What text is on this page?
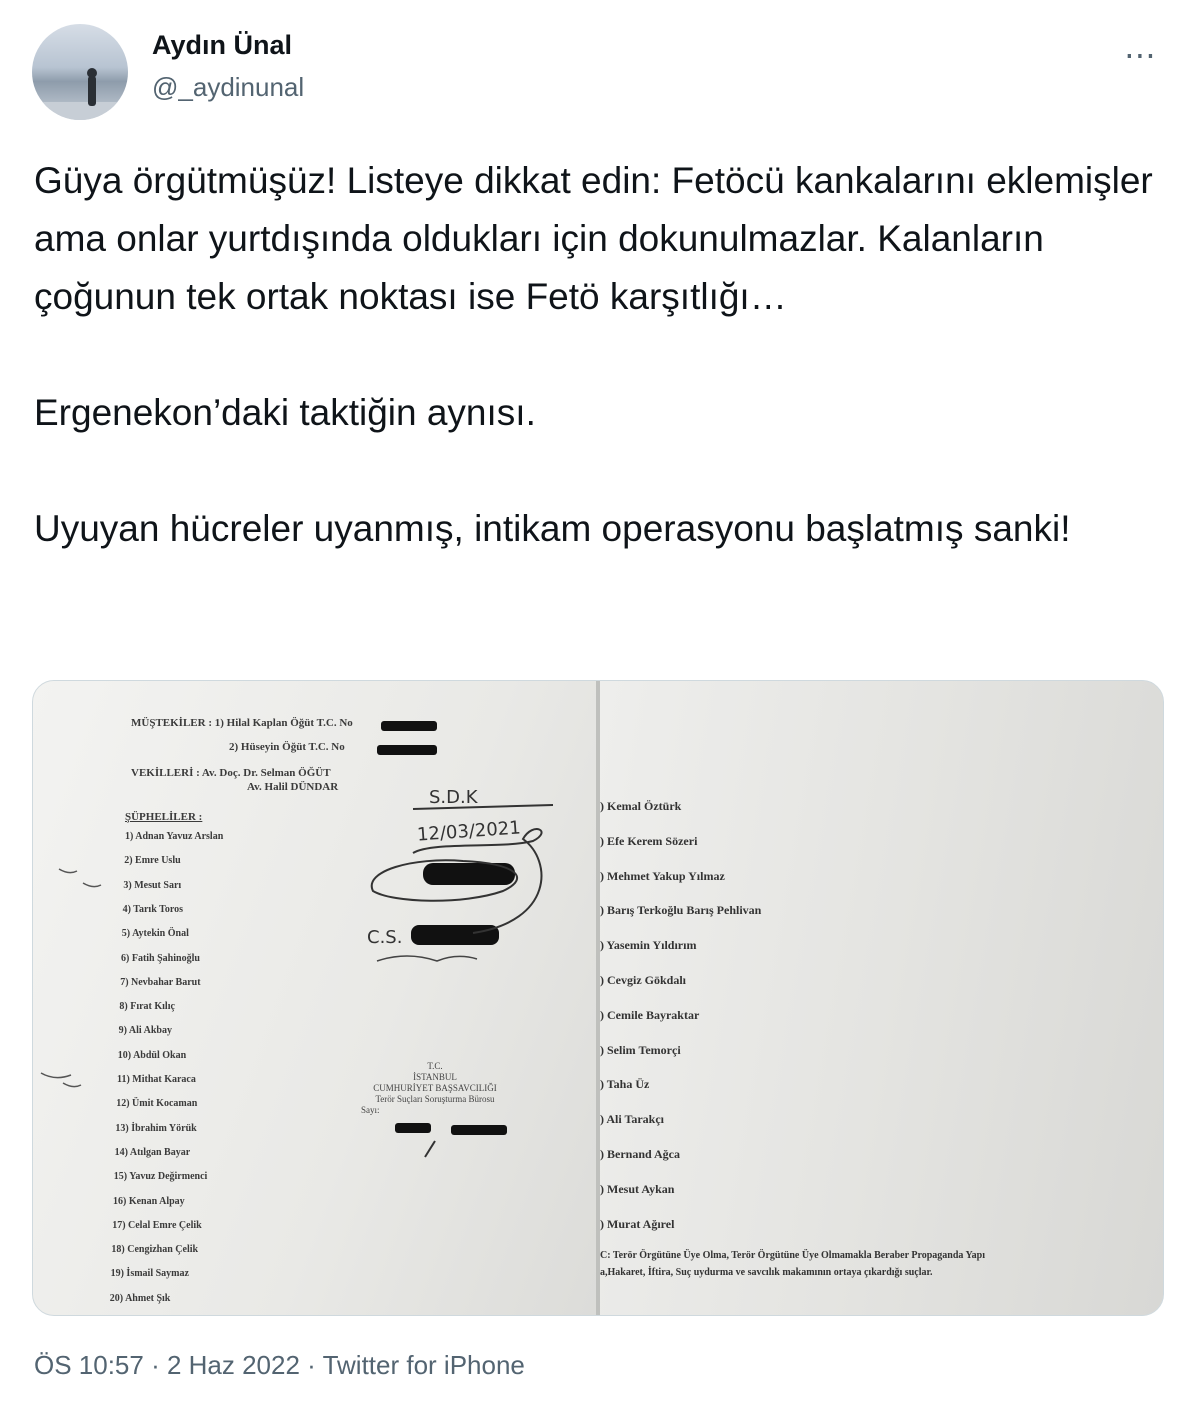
Aydın Ünal
@_aydinunal
⋯

Güya örgütmüşüz! Listeye dikkat edin: Fetöcü kankalarını eklemişler ama onlar yurtdışında oldukları için dokunulmazlar. Kalanların çoğunun tek ortak noktası ise Fetö karşıtlığı…

Ergenekon’daki taktiğin aynısı.

Uyuyan hücreler uyanmış, intikam operasyonu başlatmış sanki!

MÜŞTEKİLER : 1) Hilal Kaplan Öğüt T.C. No
2) Hüseyin Öğüt T.C. No
VEKİLLERİ : Av. Doç. Dr. Selman ÖĞÜT
Av. Halil DÜNDAR
ŞÜPHELİLER :
1) Adnan Yavuz Arslan
2) Emre Uslu
3) Mesut Sarı
4) Tarık Toros
5) Aytekin Önal
6) Fatih Şahinoğlu
7) Nevbahar Barut
8) Fırat Kılıç
9) Ali Akbay
10) Abdül Okan
11) Mithat Karaca
12) Ümit Kocaman
13) İbrahim Yörük
14) Atılgan Bayar
15) Yavuz Değirmenci
16) Kenan Alpay
17) Celal Emre Çelik
18) Cengizhan Çelik
19) İsmail Saymaz
20) Ahmet Şık
S.D.K
12/03/2021
C.S.
T.C.
İSTANBUL
CUMHURİYET BAŞSAVCILIĞI
Terör Suçları Soruşturma Bürosu
Sayı:

) Kemal Öztürk
) Efe Kerem Sözeri
) Mehmet Yakup Yılmaz
) Barış Terkoğlu Barış Pehlivan
) Yasemin Yıldırım
) Cevgiz Gökdalı
) Cemile Bayraktar
) Selim Temorçi
) Taha Üz
) Ali Tarakçı
) Bernand Ağca
) Mesut Aykan
) Murat Ağırel
C: Terör Örgütüne Üye Olma, Terör Örgütüne Üye Olmamakla Beraber Propaganda Yapı
a,Hakaret, İftira, Suç uydurma ve savcılık makamının ortaya çıkardığı suçlar.
ÖS 10:57 · 2 Haz 2022 · Twitter for iPhone
